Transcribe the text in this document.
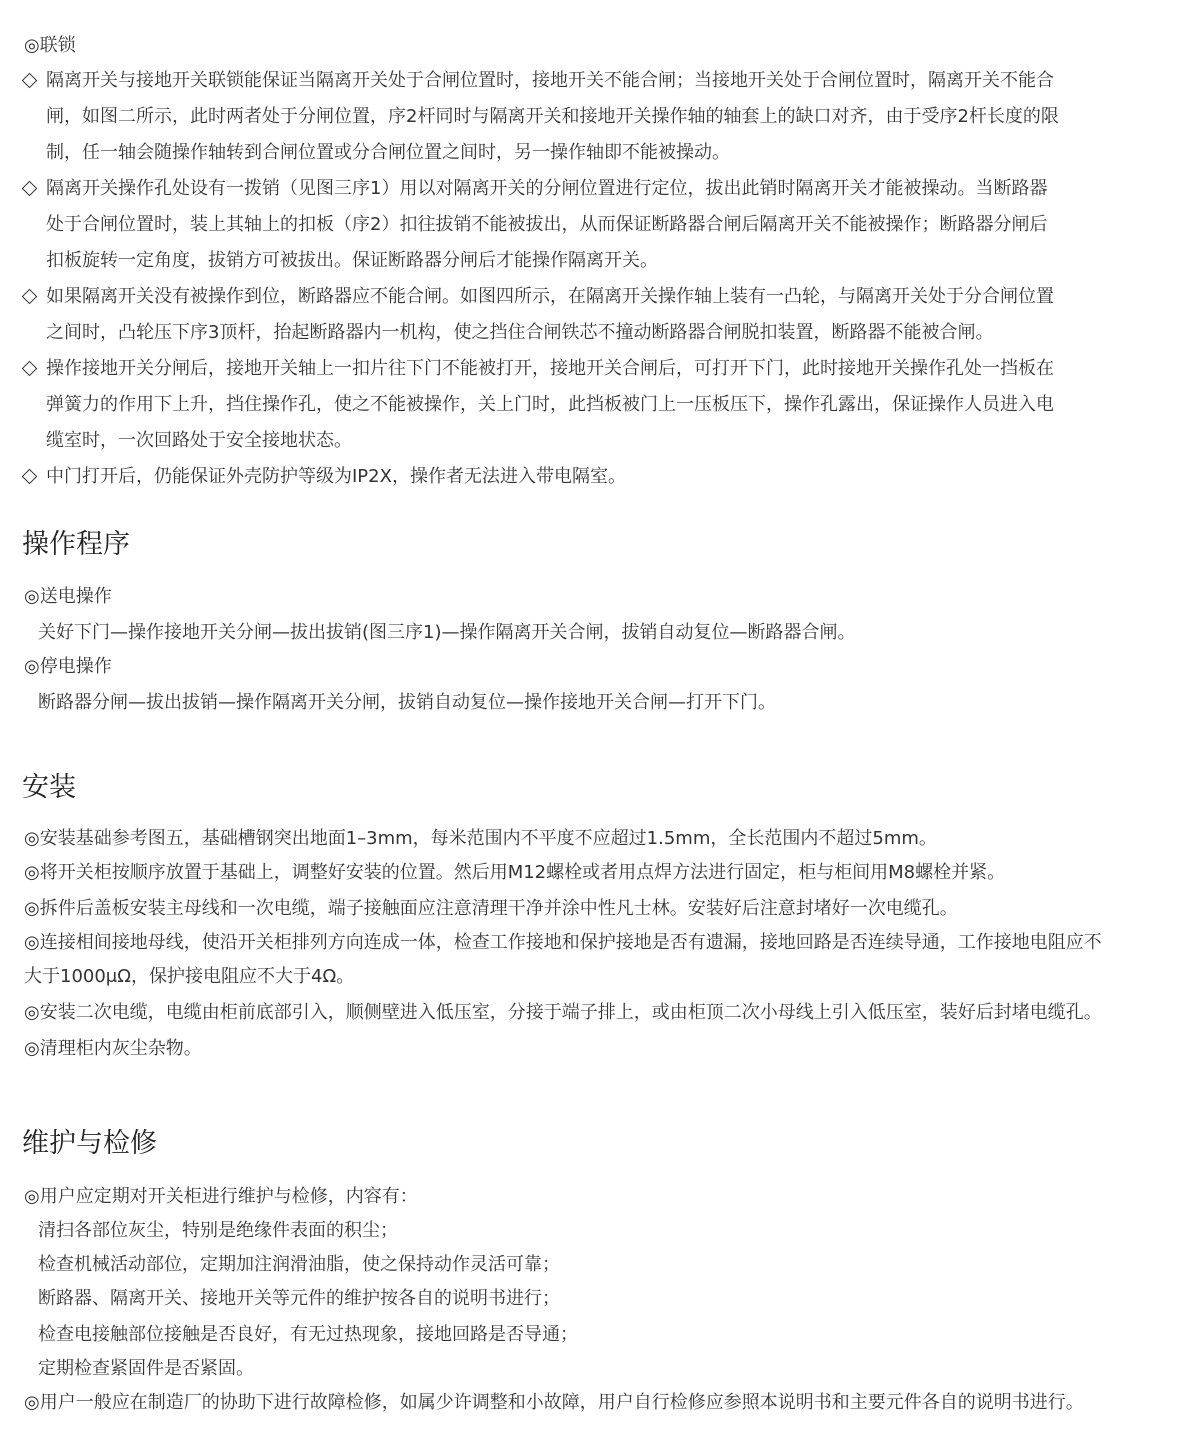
◎联锁
隔离开关与接地开关联锁能保证当隔离开关处于合闸位置时，接地开关不能合闸；当接地开关处于合闸位置时，隔离开关不能合
闸，如图二所示，此时两者处于分闸位置，序2杆同时与隔离开关和接地开关操作轴的轴套上的缺口对齐，由于受序2杆长度的限
制，任一轴会随操作轴转到合闸位置或分合闸位置之间时，另一操作轴即不能被操动。
隔离开关操作孔处设有一拨销（见图三序1）用以对隔离开关的分闸位置进行定位，拔出此销时隔离开关才能被操动。当断路器
处于合闸位置时，装上其轴上的扣板（序2）扣往拔销不能被拔出，从而保证断路器合闸后隔离开关不能被操作；断路器分闸后
扣板旋转一定角度，拔销方可被拔出。保证断路器分闸后才能操作隔离开关。
如果隔离开关没有被操作到位，断路器应不能合闸。如图四所示，在隔离开关操作轴上装有一凸轮，与隔离开关处于分合闸位置
之间时，凸轮压下序3顶杆，抬起断路器内一机构，使之挡住合闸铁芯不撞动断路器合闸脱扣装置，断路器不能被合闸。
操作接地开关分闸后，接地开关轴上一扣片往下门不能被打开，接地开关合闸后，可打开下门，此时接地开关操作孔处一挡板在
弹簧力的作用下上升，挡住操作孔，使之不能被操作，关上门时，此挡板被门上一压板压下，操作孔露出，保证操作人员进入电
缆室时，一次回路处于安全接地状态。
中门打开后，仍能保证外壳防护等级为IP2X，操作者无法进入带电隔室。
操作程序
◎送电操作
关好下门—操作接地开关分闸—拔出拔销(图三序1)—操作隔离开关合闸，拔销自动复位—断路器合闸。
◎停电操作
断路器分闸—拔出拔销—操作隔离开关分闸，拔销自动复位—操作接地开关合闸—打开下门。
安装
◎安装基础参考图五，基础槽钢突出地面1–3mm，每米范围内不平度不应超过1.5mm，全长范围内不超过5mm。
◎将开关柜按顺序放置于基础上，调整好安装的位置。然后用M12螺栓或者用点焊方法进行固定，柜与柜间用M8螺栓并紧。
◎拆件后盖板安装主母线和一次电缆，端子接触面应注意清理干净并涂中性凡士林。安装好后注意封堵好一次电缆孔。
◎连接相间接地母线，使沿开关柜排列方向连成一体，检查工作接地和保护接地是否有遗漏，接地回路是否连续导通，工作接地电阻应不
大于1000μΩ，保护接电阻应不大于4Ω。
◎安装二次电缆，电缆由柜前底部引入，顺侧壁进入低压室，分接于端子排上，或由柜顶二次小母线上引入低压室，装好后封堵电缆孔。
◎清理柜内灰尘杂物。
维护与检修
◎用户应定期对开关柜进行维护与检修，内容有：
清扫各部位灰尘，特别是绝缘件表面的积尘；
检查机械活动部位，定期加注润滑油脂，使之保持动作灵活可靠；
断路器、隔离开关、接地开关等元件的维护按各自的说明书进行；
检查电接触部位接触是否良好，有无过热现象，接地回路是否导通；
定期检查紧固件是否紧固。
◎用户一般应在制造厂的协助下进行故障检修，如属少许调整和小故障，用户自行检修应参照本说明书和主要元件各自的说明书进行。
